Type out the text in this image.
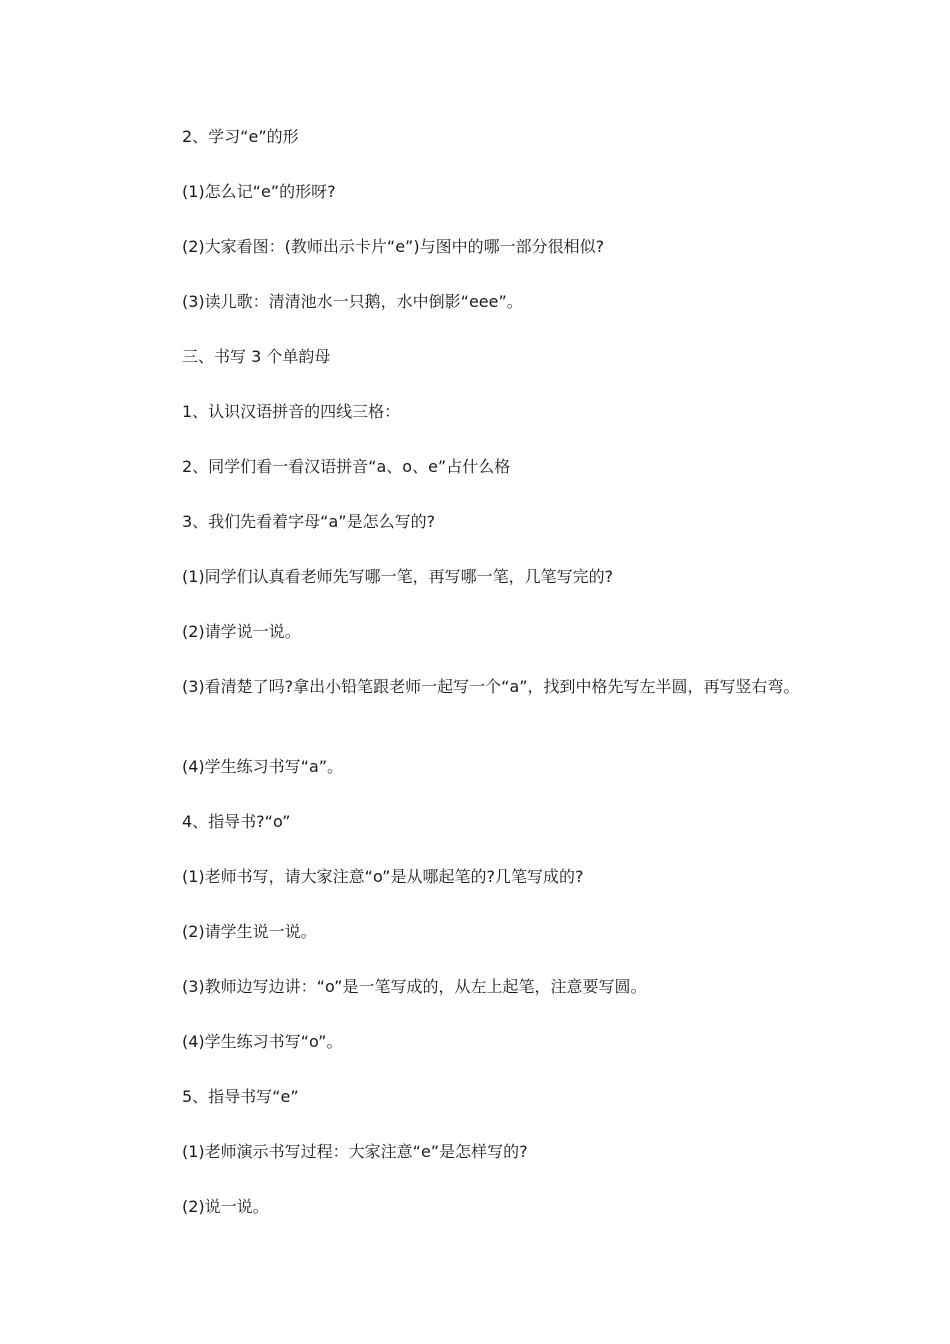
2、学习“e”的形

(1)怎么记“e”的形呀?

(2)大家看图：(教师出示卡片“e”)与图中的哪一部分很相似?

(3)读儿歌：清清池水一只鹅，水中倒影“eee”。

三、书写 3 个单韵母

1、认识汉语拼音的四线三格：

2、同学们看一看汉语拼音“a、o、e”占什么格

3、我们先看着字母“a”是怎么写的?

(1)同学们认真看老师先写哪一笔，再写哪一笔，几笔写完的?

(2)请学说一说。

(3)看清楚了吗?拿出小铅笔跟老师一起写一个“a”，找到中格先写左半圆，再写竖右弯。

(4)学生练习书写“a”。

4、指导书?“o”

(1)老师书写，请大家注意“o”是从哪起笔的?几笔写成的?

(2)请学生说一说。

(3)教师边写边讲：“o”是一笔写成的，从左上起笔，注意要写圆。

(4)学生练习书写“o”。

5、指导书写“e”

(1)老师演示书写过程：大家注意“e”是怎样写的?

(2)说一说。
